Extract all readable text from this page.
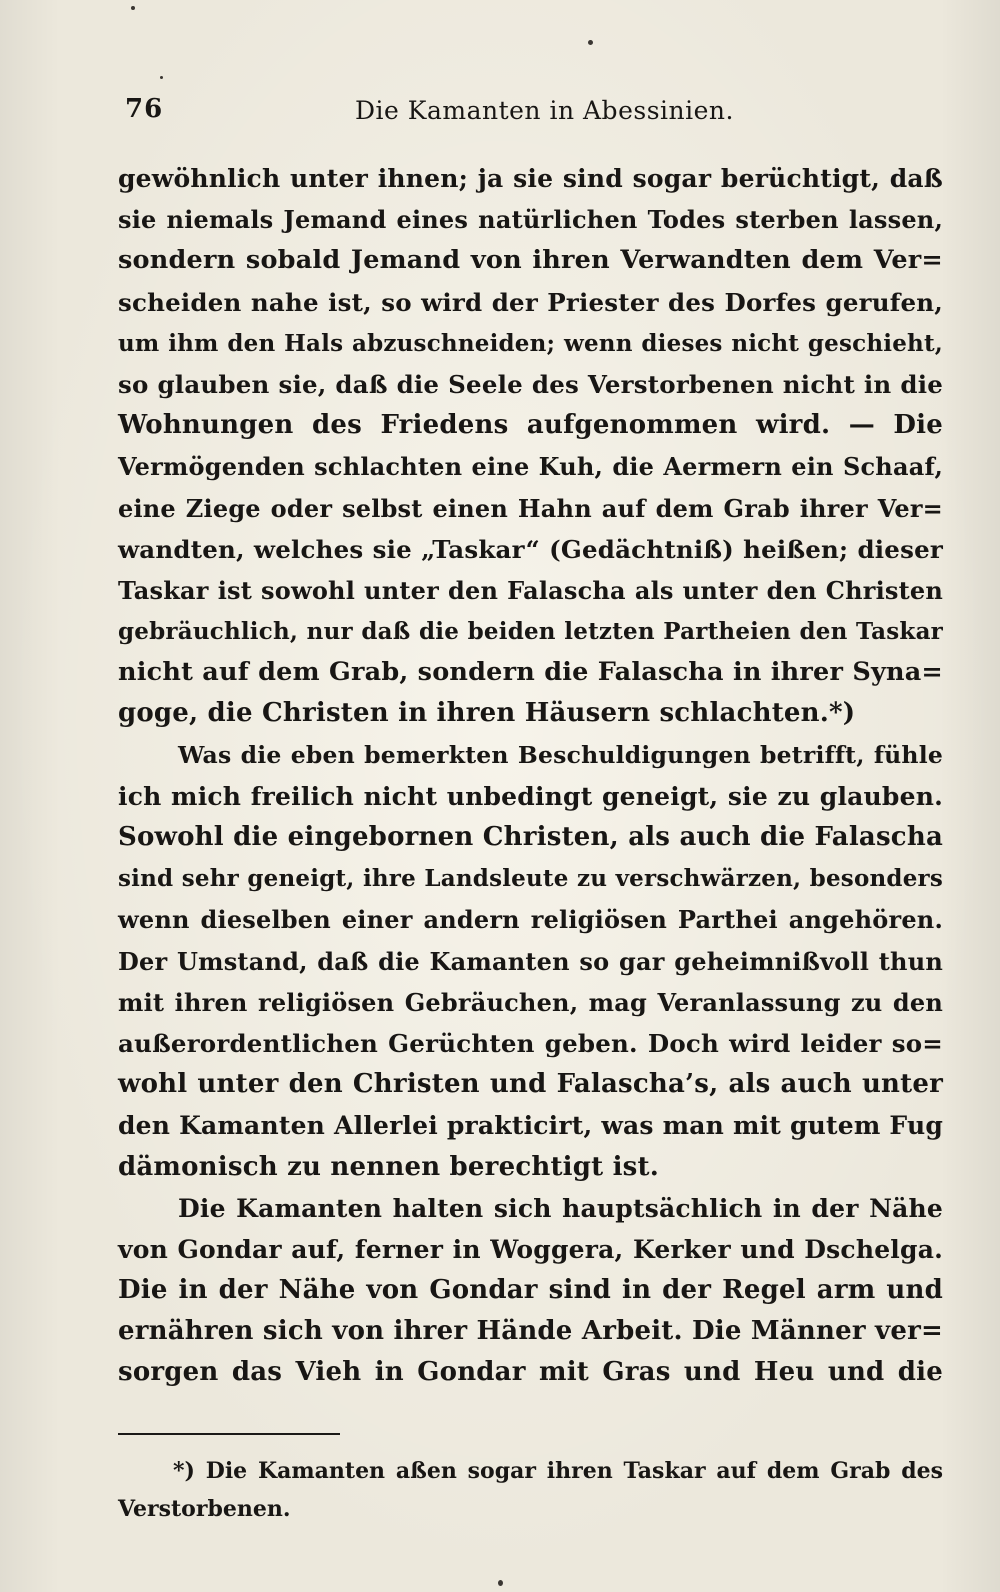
76	Die Kamanten in Abessinien.
gewöhnlich unter ihnen; ja sie sind sogar berüchtigt, daß
sie niemals Jemand eines natürlichen Todes sterben lassen,
sondern sobald Jemand von ihren Verwandten dem Ver=
scheiden nahe ist, so wird der Priester des Dorfes gerufen,
um ihm den Hals abzuschneiden; wenn dieses nicht geschieht,
so glauben sie, daß die Seele des Verstorbenen nicht in die
Wohnungen des Friedens aufgenommen wird. — Die
Vermögenden schlachten eine Kuh, die Aermern ein Schaaf,
eine Ziege oder selbst einen Hahn auf dem Grab ihrer Ver=
wandten, welches sie „Taskar“ (Gedächtniß) heißen; dieser
Taskar ist sowohl unter den Falascha als unter den Christen
gebräuchlich, nur daß die beiden letzten Partheien den Taskar
nicht auf dem Grab, sondern die Falascha in ihrer Syna=
goge, die Christen in ihren Häusern schlachten.*)
Was die eben bemerkten Beschuldigungen betrifft, fühle
ich mich freilich nicht unbedingt geneigt, sie zu glauben.
Sowohl die eingebornen Christen, als auch die Falascha
sind sehr geneigt, ihre Landsleute zu verschwärzen, besonders
wenn dieselben einer andern religiösen Parthei angehören.
Der Umstand, daß die Kamanten so gar geheimnißvoll thun
mit ihren religiösen Gebräuchen, mag Veranlassung zu den
außerordentlichen Gerüchten geben. Doch wird leider so=
wohl unter den Christen und Falascha’s, als auch unter
den Kamanten Allerlei prakticirt, was man mit gutem Fug
dämonisch zu nennen berechtigt ist.
Die Kamanten halten sich hauptsächlich in der Nähe
von Gondar auf, ferner in Woggera, Kerker und Dschelga.
Die in der Nähe von Gondar sind in der Regel arm und
ernähren sich von ihrer Hände Arbeit. Die Männer ver=
sorgen das Vieh in Gondar mit Gras und Heu und die
*) Die Kamanten aßen sogar ihren Taskar auf dem Grab des
Verstorbenen.
